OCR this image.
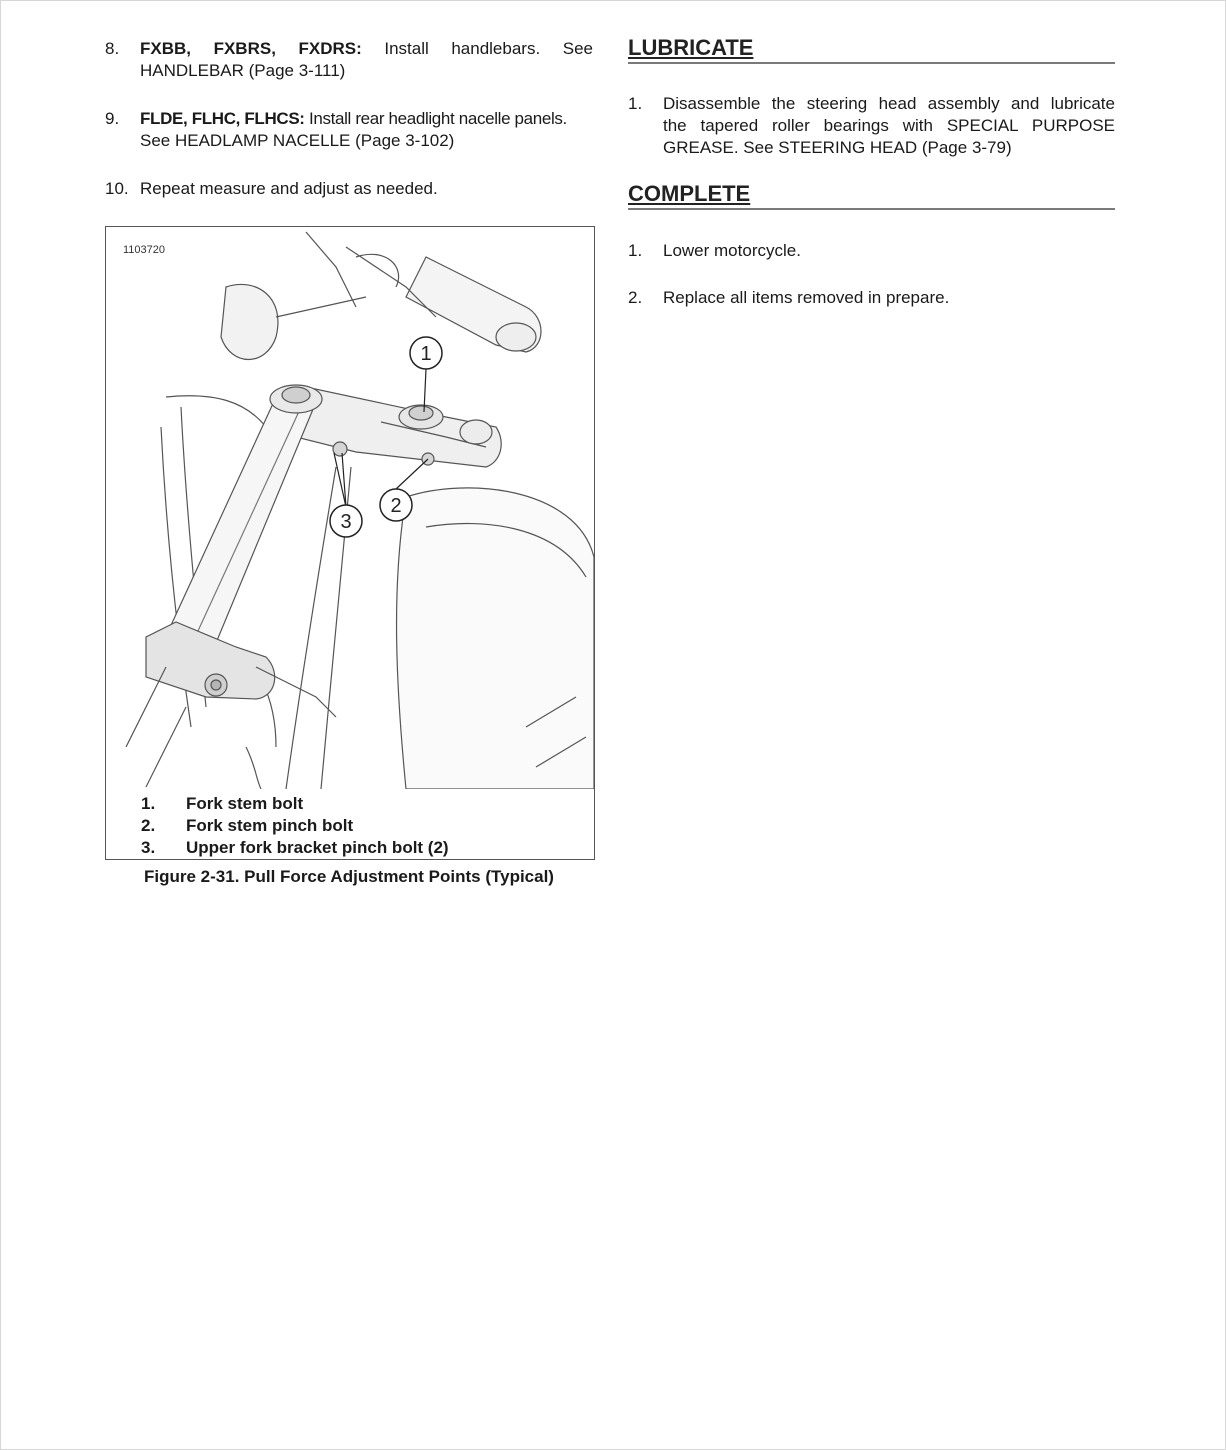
8. FXBB, FXBRS, FXDRS: Install handlebars. See
HANDLEBAR (Page 3-111)
9. FLDE, FLHC, FLHCS: Install rear headlight nacelle panels.
See HEADLAMP NACELLE (Page 3-102)
10. Repeat measure and adjust as needed.
1
2
3
1103720
1. Fork stem bolt
2. Fork stem pinch bolt
3. Upper fork bracket pinch bolt (2)
Figure 2-31. Pull Force Adjustment Points (Typical)
LUBRICATE
1. Disassemble the steering head assembly and lubricate
the tapered roller bearings with SPECIAL PURPOSE
GREASE. See STEERING HEAD (Page 3-79)
COMPLETE
1. Lower motorcycle.
2. Replace all items removed in prepare.
